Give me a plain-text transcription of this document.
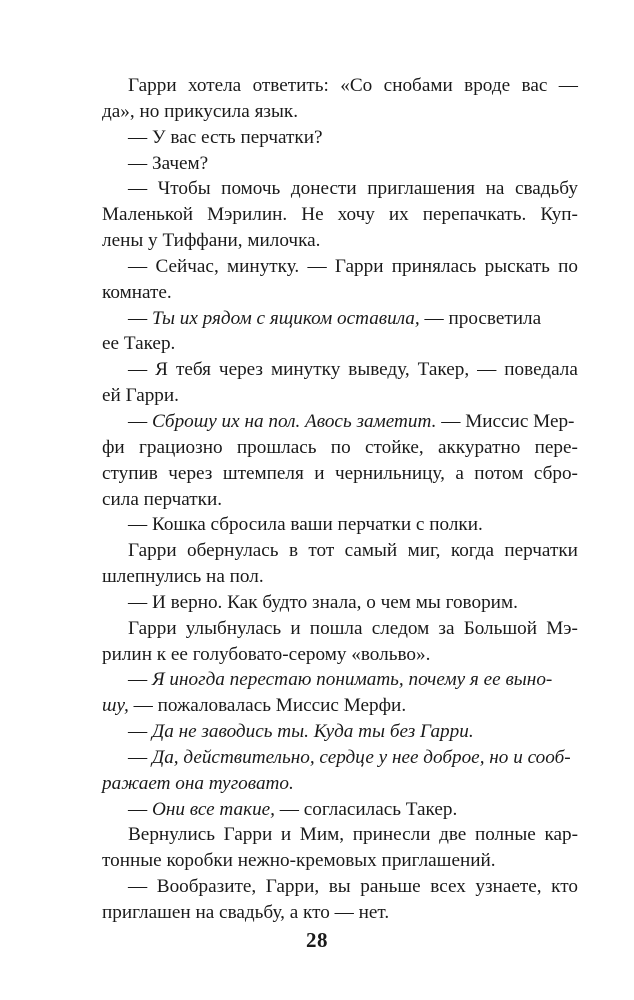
Гарри хотела ответить: «Со снобами вроде вас —
да», но прикусила язык.
— У вас есть перчатки?
— Зачем?
— Чтобы помочь донести приглашения на свадьбу
Маленькой Мэрилин. Не хочу их перепачкать. Куп-
лены у Тиффани, милочка.
— Сейчас, минутку. — Гарри принялась рыскать по
комнате.
— Ты их рядом с ящиком оставила, — просветила
ее Такер.
— Я тебя через минутку выведу, Такер, — поведала
ей Гарри.
— Сброшу их на пол. Авось заметит. — Миссис Мер-
фи грациозно прошлась по стойке, аккуратно пере-
ступив через штемпеля и чернильницу, а потом сбро-
сила перчатки.
— Кошка сбросила ваши перчатки с полки.
Гарри обернулась в тот самый миг, когда перчатки
шлепнулись на пол.
— И верно. Как будто знала, о чем мы говорим.
Гарри улыбнулась и пошла следом за Большой Мэ-
рилин к ее голубовато-серому «вольво».
— Я иногда перестаю понимать, почему я ее выно-
шу, — пожаловалась Миссис Мерфи.
— Да не заводись ты. Куда ты без Гарри.
— Да, действительно, сердце у нее доброе, но и сооб-
ражает она туговато.
— Они все такие, — согласилась Такер.
Вернулись Гарри и Мим, принесли две полные кар-
тонные коробки нежно-кремовых приглашений.
— Вообразите, Гарри, вы раньше всех узнаете, кто
приглашен на свадьбу, а кто — нет.
28
